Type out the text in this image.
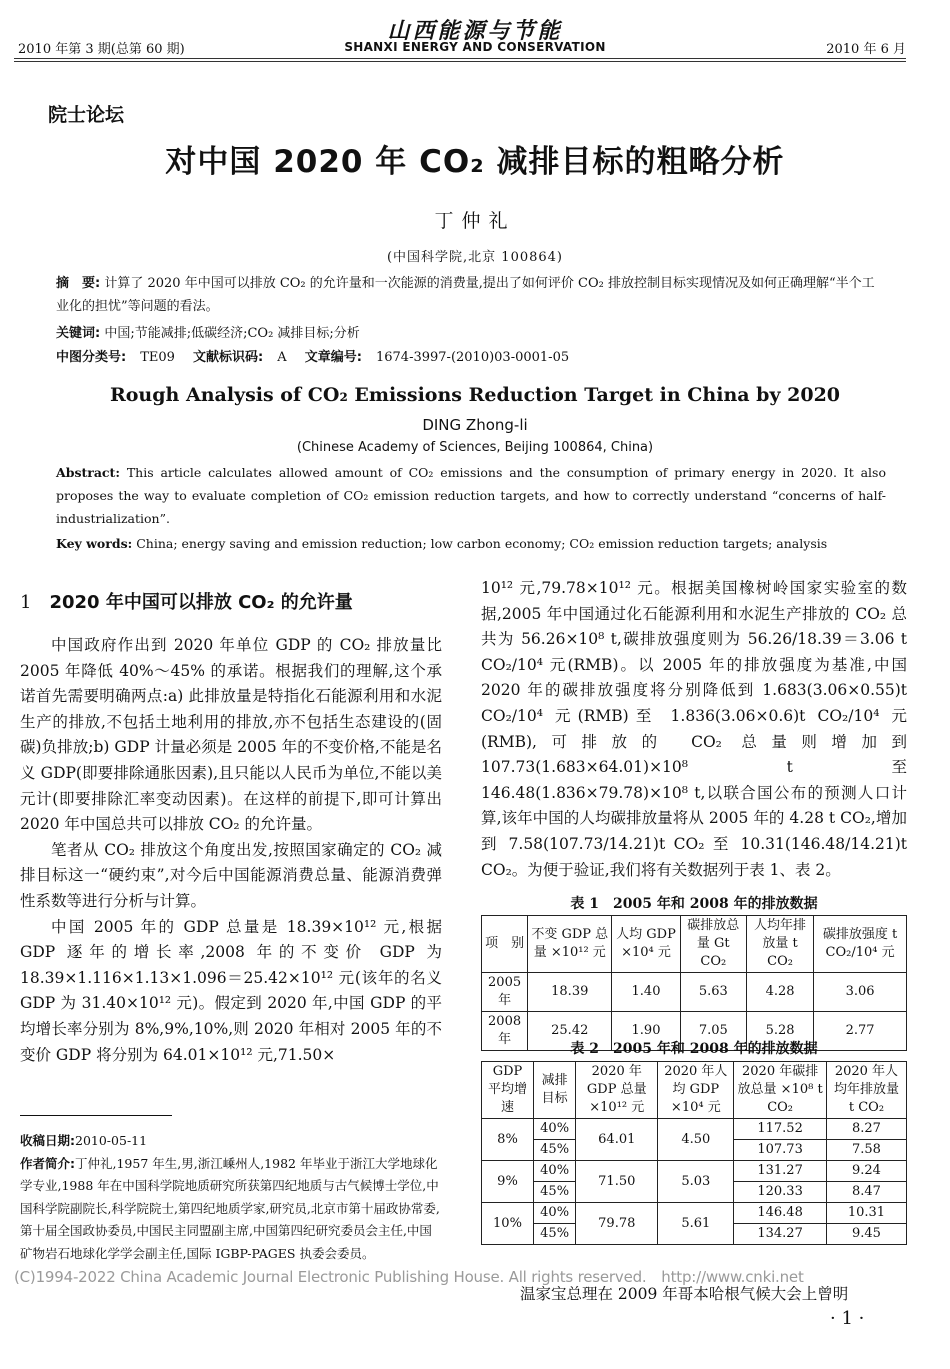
2010 年第 3 期(总第 60 期)
山西能源与节能
SHANXI ENERGY AND CONSERVATION	2010 年 6 月
院士论坛
对中国 2020 年 CO₂ 减排目标的粗略分析
丁仲礼
(中国科学院,北京 100864)
摘　要: 计算了 2020 年中国可以排放 CO₂ 的允许量和一次能源的消费量,提出了如何评价 CO₂ 排放控制目标实现情况及如何正确理解“半个工业化的担忧”等问题的看法。
关键词: 中国;节能减排;低碳经济;CO₂ 减排目标;分析
中图分类号: TE09 文献标识码: A 文章编号: 1674-3997-(2010)03-0001-05
Rough Analysis of CO₂ Emissions Reduction Target in China by 2020
DING Zhong-li
(Chinese Academy of Sciences, Beijing 100864, China)
Abstract: This article calculates allowed amount of CO₂ emissions and the consumption of primary energy in 2020. It also proposes the way to evaluate completion of CO₂ emission reduction targets, and how to correctly understand “concerns of half-industrialization”.
Key words: China; energy saving and emission reduction; low carbon economy; CO₂ emission reduction targets; analysis
1 2020 年中国可以排放 CO₂ 的允许量

中国政府作出到 2020 年单位 GDP 的 CO₂ 排放量比 2005 年降低 40%～45% 的承诺。根据我们的理解,这个承诺首先需要明确两点:a) 此排放量是特指化石能源利用和水泥生产的排放,不包括土地利用的排放,亦不包括生态建设的(固碳)负排放;b) GDP 计量必须是 2005 年的不变价格,不能是名义 GDP(即要排除通胀因素),且只能以人民币为单位,不能以美元计(即要排除汇率变动因素)。在这样的前提下,即可计算出 2020 年中国总共可以排放 CO₂ 的允许量。

笔者从 CO₂ 排放这个角度出发,按照国家确定的 CO₂ 减排目标这一“硬约束”,对今后中国能源消费总量、能源消费弹性系数等进行分析与计算。

中国 2005 年的 GDP 总量是 18.39×10¹² 元,根据 GDP 逐年的增长率,2008 年的不变价 GDP 为 18.39×1.116×1.13×1.096＝25.42×10¹² 元(该年的名义 GDP 为 31.40×10¹² 元)。假定到 2020 年,中国 GDP 的平均增长率分别为 8%,9%,10%,则 2020 年相对 2005 年的不变价 GDP 将分别为 64.01×10¹² 元,71.50×

收稿日期:2010-05-11
作者简介:丁仲礼,1957 年生,男,浙江嵊州人,1982 年毕业于浙江大学地球化学专业,1988 年在中国科学院地质研究所获第四纪地质与古气候博士学位,中国科学院副院长,科学院院士,第四纪地质学家,研究员,北京市第十届政协常委,第十届全国政协委员,中国民主同盟副主席,中国第四纪研究委员会主任,中国矿物岩石地球化学学会副主任,国际 IGBP-PAGES 执委会委员。

10¹² 元,79.78×10¹² 元。根据美国橡树岭国家实验室的数据,2005 年中国通过化石能源利用和水泥生产排放的 CO₂ 总共为 56.26×10⁸ t,碳排放强度则为 56.26/18.39＝3.06 t CO₂/10⁴ 元(RMB)。以 2005 年的排放强度为基准,中国 2020 年的碳排放强度将分别降低到 1.683(3.06×0.55)t CO₂/10⁴ 元(RMB)至 1.836(3.06×0.6)t CO₂/10⁴ 元(RMB),可排放的 CO₂ 总量则增加到 107.73(1.683×64.01)×10⁸ t 至 146.48(1.836×79.78)×10⁸ t,以联合国公布的预测人口计算,该年中国的人均碳排放量将从 2005 年的 4.28 t CO₂,增加到 7.58(107.73/14.21)t CO₂ 至 10.31(146.48/14.21)t CO₂。为便于验证,我们将有关数据列于表 1、表 2。

表 1　2005 年和 2008 年的排放数据
项　别	不变 GDP 总量 ×10¹² 元	人均 GDP ×10⁴ 元	碳排放总量 Gt CO₂	人均年排放量 t CO₂	碳排放强度 t CO₂/10⁴ 元
2005 年	18.39	1.40	5.63	4.28	3.06
2008 年	25.42	1.90	7.05	5.28	2.77
表 2　2005 年和 2008 年的排放数据
GDP 平均增速	减排目标	2020 年 GDP 总量 ×10¹² 元	2020 年人均 GDP ×10⁴ 元	2020 年碳排放总量 ×10⁸ t CO₂	2020 年人均年排放量 t CO₂
8%	40%	64.01	4.50	117.52	8.27
	45%			107.73	7.58
9%	40%	71.50	5.03	131.27	9.24
	45%			120.33	8.47
10%	40%	79.78	5.61	146.48	10.31
	45%			134.27	9.45
(C)1994-2022 China Academic Journal Electronic Publishing House. All rights reserved.　http://www.cnki.net
温家宝总理在 2009 年哥本哈根气候大会上曾明
· 1 ·
